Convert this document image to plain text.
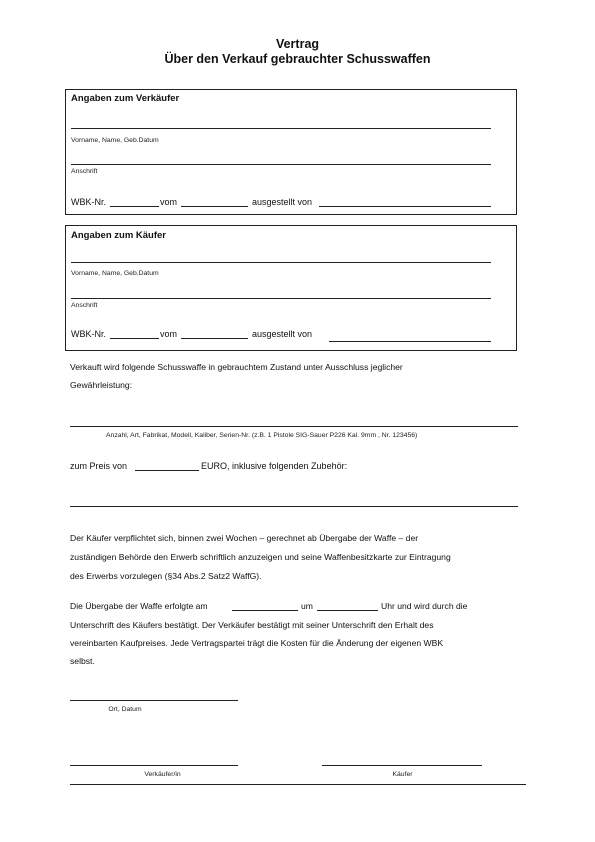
Vertrag
Über den Verkauf gebrauchter Schusswaffen
Angaben zum Verkäufer
Vorname, Name, Geb.Datum
Anschrift
WBK-Nr.	vom	ausgestellt von
Angaben zum Käufer
Vorname, Name, Geb.Datum
Anschrift
WBK-Nr.	vom	ausgestellt von
Verkauft wird folgende Schusswaffe in gebrauchtem Zustand unter Ausschluss jeglicher
Gewährleistung:
Anzahl, Art, Fabrikat, Modell, Kaliber, Serien-Nr. (z.B. 1 Pistole SIG-Sauer P226 Kal. 9mm , Nr. 123456)
zum Preis von	EURO, inklusive folgenden Zubehör:
Der Käufer verpflichtet sich, binnen zwei Wochen – gerechnet ab Übergabe der Waffe – der
zuständigen Behörde den Erwerb schriftlich anzuzeigen und seine Waffenbesitzkarte zur Eintragung
des Erwerbs vorzulegen (§34 Abs.2 Satz2 WaffG).
Die Übergabe der Waffe erfolgte am	um	Uhr und wird durch die
Unterschrift des Käufers bestätigt. Der Verkäufer bestätigt mit seiner Unterschrift den Erhalt des
vereinbarten Kaufpreises. Jede Vertragspartei trägt die Kosten für die Änderung der eigenen WBK
selbst.
Ort, Datum
Verkäufer/in	Käufer
